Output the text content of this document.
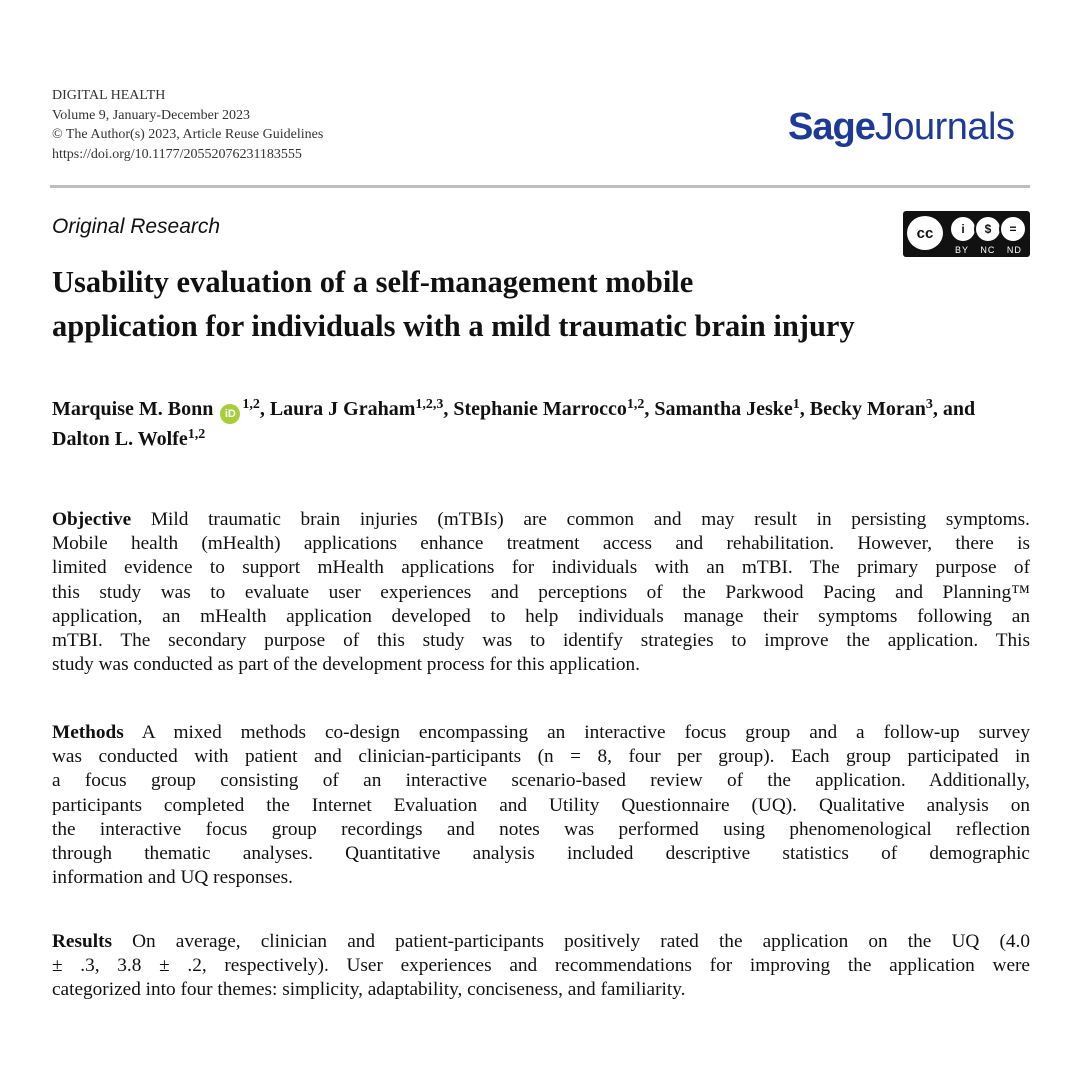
DIGITAL HEALTH
Volume 9, January-December 2023
© The Author(s) 2023, Article Reuse Guidelines
https://doi.org/10.1177/20552076231183555
SageJournals
Original Research	cc	i	$	=
BY NC ND
Usability evaluation of a self-management mobile
application for individuals with a mild traumatic brain injury
Marquise M. Bonn iD$^{1,2}$, Laura J Graham$^{1,2,3}$, Stephanie Marrocco$^{1,2}$, Samantha Jeske$^1$, Becky Moran$^3$, and Dalton L. Wolfe$^{1,2}$
Objective Mild traumatic brain injuries (mTBIs) are common and may result in persisting symptoms.
Mobile health (mHealth) applications enhance treatment access and rehabilitation. However, there is
limited evidence to support mHealth applications for individuals with an mTBI. The primary purpose of
this study was to evaluate user experiences and perceptions of the Parkwood Pacing and Planning™
application, an mHealth application developed to help individuals manage their symptoms following an
mTBI. The secondary purpose of this study was to identify strategies to improve the application. This
study was conducted as part of the development process for this application.
Methods A mixed methods co-design encompassing an interactive focus group and a follow-up survey
was conducted with patient and clinician-participants (n = 8, four per group). Each group participated in
a focus group consisting of an interactive scenario-based review of the application. Additionally,
participants completed the Internet Evaluation and Utility Questionnaire (UQ). Qualitative analysis on
the interactive focus group recordings and notes was performed using phenomenological reflection
through thematic analyses. Quantitative analysis included descriptive statistics of demographic
information and UQ responses.
Results On average, clinician and patient-participants positively rated the application on the UQ (4.0
± .3, 3.8 ± .2, respectively). User experiences and recommendations for improving the application were
categorized into four themes: simplicity, adaptability, conciseness, and familiarity.
